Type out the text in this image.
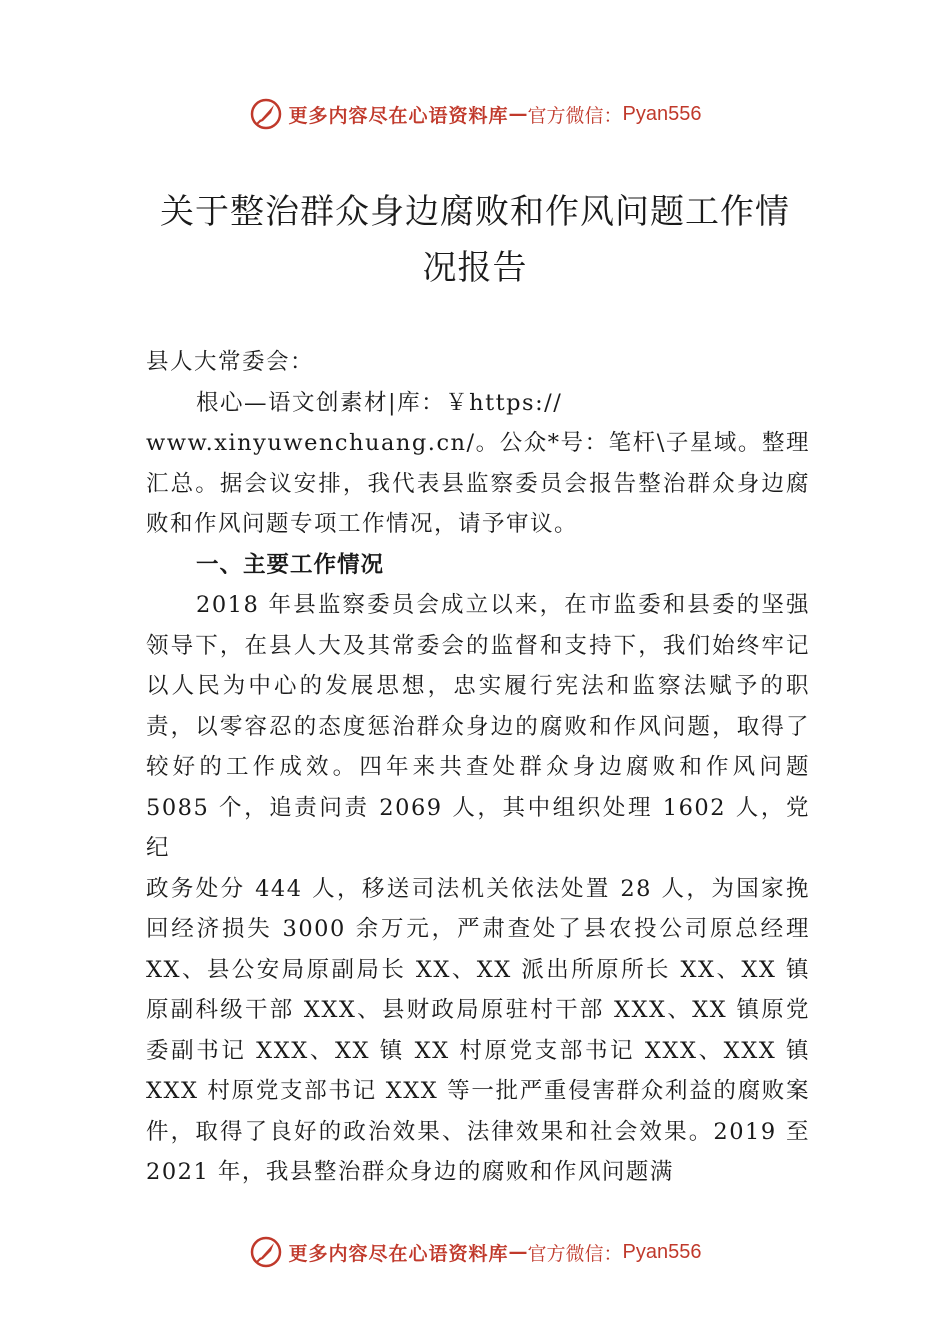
更多内容尽在心语资料库 — 官方微信： Pyan556
关于整治群众身边腐败和作风问题工作情
况报告

县人大常委会：

根心—语文创素材|库：￥https://

www.xinyuwenchuang.cn/。公众*号：笔杆\子星域。整理汇总。据会议安排，我代表县监察委员会报告整治群众身边腐败和作风问题专项工作情况，请予审议。

一、主要工作情况

2018 年县监察委员会成立以来，在市监委和县委的坚强领导下，在县人大及其常委会的监督和支持下，我们始终牢记以人民为中心的发展思想，忠实履行宪法和监察法赋予的职责，以零容忍的态度惩治群众身边的腐败和作风问题，取得了较好的工作成效。四年来共查处群众身边腐败和作风问题 5085 个，追责问责 2069 人，其中组织处理 1602 人，党纪

政务处分 444 人，移送司法机关依法处置 28 人，为国家挽回经济损失 3000 余万元，严肃查处了县农投公司原总经理 XX、县公安局原副局长 XX、XX 派出所原所长 XX、XX 镇原副科级干部 XXX、县财政局原驻村干部 XXX、XX 镇原党委副书记 XXX、XX 镇 XX 村原党支部书记 XXX、XXX 镇 XXX 村原党支部书记 XXX 等一批严重侵害群众利益的腐败案件，取得了良好的政治效果、法律效果和社会效果。2019 至 2021 年，我县整治群众身边的腐败和作风问题满

更多内容尽在心语资料库 — 官方微信： Pyan556
